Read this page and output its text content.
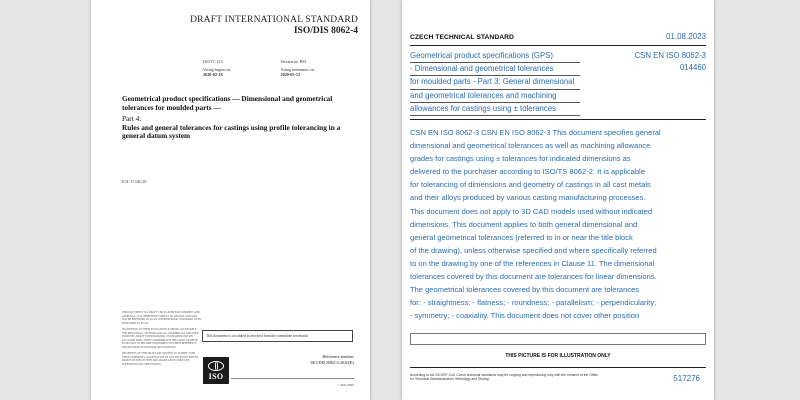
DRAFT INTERNATIONAL STANDARD
ISO/DIS 8062-4
ISO/TC 213	Secretariat: BSI
Voting begins on:
2020-02-18
Voting terminates on:
2020-05-12
Geometrical product specifications — Dimensional and geometrical tolerances for moulded parts —
Part 4:
Rules and general tolerances for castings using profile tolerancing in a general datum system
ICS: 17.040.10

THIS DOCUMENT IS A DRAFT CIRCULATED FOR COMMENT AND APPROVAL. IT IS THEREFORE SUBJECT TO CHANGE AND MAY NOT BE REFERRED TO AS AN INTERNATIONAL STANDARD UNTIL PUBLISHED AS SUCH.

IN ADDITION TO THEIR EVALUATION AS BEING ACCEPTABLE FOR INDUSTRIAL, TECHNOLOGICAL, COMMERCIAL AND USER PURPOSES, DRAFT INTERNATIONAL STANDARDS MAY ON OCCASION HAVE TO BE CONSIDERED IN THE LIGHT OF THEIR POTENTIAL TO BECOME STANDARDS TO WHICH REFERENCE MAY BE MADE IN NATIONAL REGULATIONS.

RECIPIENTS OF THIS DRAFT ARE INVITED TO SUBMIT, WITH THEIR COMMENTS, NOTIFICATION OF ANY RELEVANT PATENT RIGHTS OF WHICH THEY ARE AWARE AND TO PROVIDE SUPPORTING DOCUMENTATION.

This document is circulated as received from the committee secretariat.
ISO
Reference number
ISO/DIS 8062-4:2020(E)
© ISO 2020
CZECH TECHNICAL STANDARD	01.08.2023
Geometrical product specifications (GPS)
- Dimensional and geometrical tolerances
for moulded parts - Part 3: General dimensional
and geometrical tolerances and machining
allowances for castings using ± tolerances
CSN EN ISO 8062-3
014460
CSN EN ISO 8062-3 CSN EN ISO 8062-3 This document specifies general
dimensional and geometrical tolerances as well as machining allowance
grades for castings using ± tolerances for indicated dimensions as
delivered to the purchaser according to ISO/TS 8062-2. It is applicable
for tolerancing of dimensions and geometry of castings in all cast metals
and their alloys produced by various casting manufacturing processes.
This document does not apply to 3D CAD models used without indicated
dimensions. This document applies to both general dimensional and
general geometrical tolerances (referred to in or near the title block
of the drawing), unless otherwise specified and where specifically referred
to on the drawing by one of the references in Clause 11. The dimensional
tolerances covered by this document are tolerances for linear dimensions.
The geometrical tolerances covered by this document are tolerances
for: - straightness; - flatness; - roundness; - parallelism; - perpendicularity;
- symmetry; - coaxiality. This document does not cover other position
THIS PICTURE IS FOR ILLUSTRATION ONLY
According to Act 22/1997 Coll. Czech technical standards may be copying and reproducing only with the consent of the Office
for Technical Standardization, Metrology and Testing.	517276
